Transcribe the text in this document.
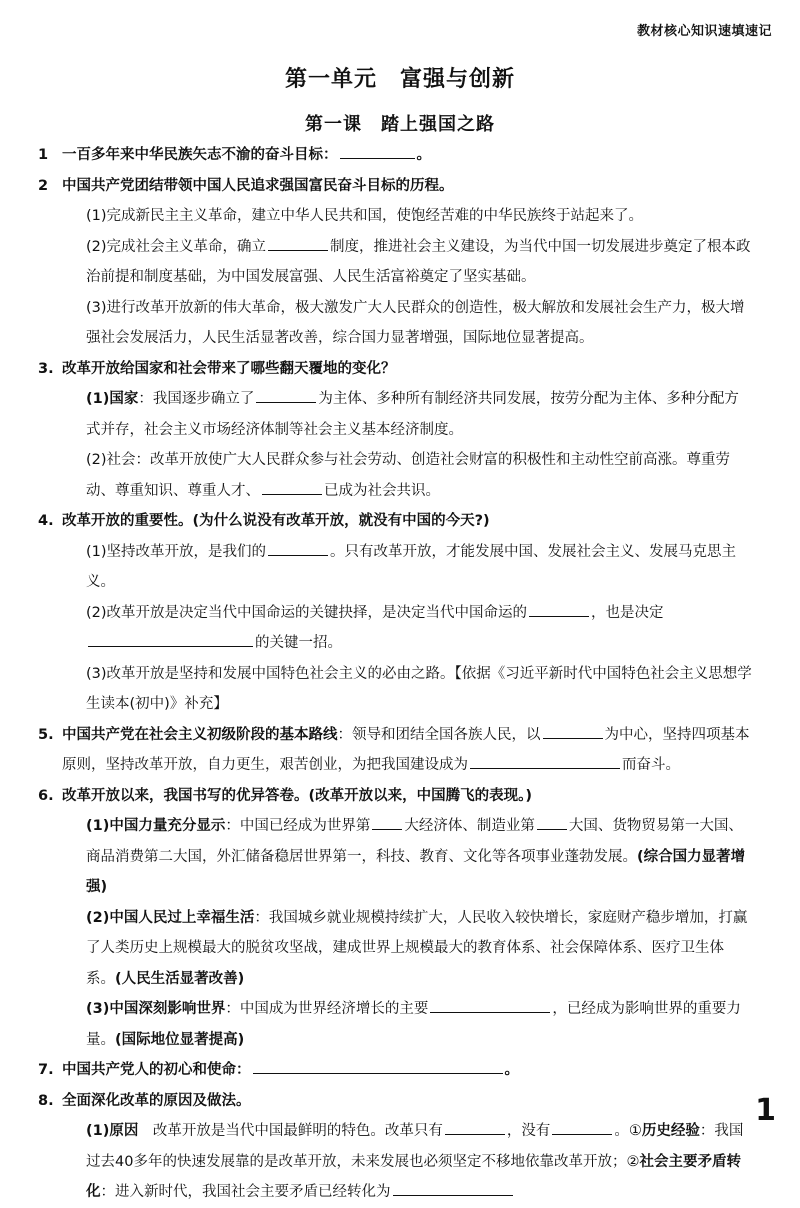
教材核心知识速填速记
第一单元　富强与创新
第一课　踏上强国之路

1 一百多年来中华民族矢志不渝的奋斗目标：	。

2 中国共产党团结带领中国人民追求强国富民奋斗目标的历程。

(1)完成新民主主义革命，建立中华人民共和国，使饱经苦难的中华民族终于站起来了。

(2)完成社会主义革命，确立	制度，推进社会主义建设，为当代中国一切发展进步奠定了根本政治前提和制度基础，为中国发展富强、人民生活富裕奠定了坚实基础。

(3)进行改革开放新的伟大革命，极大激发广大人民群众的创造性，极大解放和发展社会生产力，极大增强社会发展活力，人民生活显著改善，综合国力显著增强，国际地位显著提高。

3. 改革开放给国家和社会带来了哪些翻天覆地的变化？

(1)国家：我国逐步确立了	为主体、多种所有制经济共同发展，按劳分配为主体、多种分配方式并存，社会主义市场经济体制等社会主义基本经济制度。

(2)社会：改革开放使广大人民群众参与社会劳动、创造社会财富的积极性和主动性空前高涨。尊重劳动、尊重知识、尊重人才、	已成为社会共识。

4. 改革开放的重要性。(为什么说没有改革开放，就没有中国的今天?)

(1)坚持改革开放，是我们的	。只有改革开放，才能发展中国、发展社会主义、发展马克思主义。

(2)改革开放是决定当代中国命运的关键抉择，是决定当代中国命运的	，也是决定的关键一招。

(3)改革开放是坚持和发展中国特色社会主义的必由之路。【依据《习近平新时代中国特色社会主义思想学生读本(初中)》补充】

5. 中国共产党在社会主义初级阶段的基本路线：领导和团结全国各族人民，以	为中心，坚持四项基本原则，坚持改革开放，自力更生，艰苦创业，为把我国建设成为	而奋斗。

6. 改革开放以来，我国书写的优异答卷。(改革开放以来，中国腾飞的表现。)

(1)中国力量充分显示：中国已经成为世界第 大经济体、制造业第 大国、货物贸易第一大国、商品消费第二大国，外汇储备稳居世界第一，科技、教育、文化等各项事业蓬勃发展。(综合国力显著增强)

(2)中国人民过上幸福生活：我国城乡就业规模持续扩大，人民收入较快增长，家庭财产稳步增加，打赢了人类历史上规模最大的脱贫攻坚战，建成世界上规模最大的教育体系、社会保障体系、医疗卫生体系。(人民生活显著改善)

(3)中国深刻影响世界：中国成为世界经济增长的主要	，已经成为影响世界的重要力量。(国际地位显著提高)

7. 中国共产党人的初心和使命：	。

8. 全面深化改革的原因及做法。

(1)原因　改革开放是当代中国最鲜明的特色。改革只有	，没有	。①历史经验：我国过去40多年的快速发展靠的是改革开放，未来发展也必须坚定不移地依靠改革开放；②社会主要矛盾转化：进入新时代，我国社会主要矛盾已经转化为

1
